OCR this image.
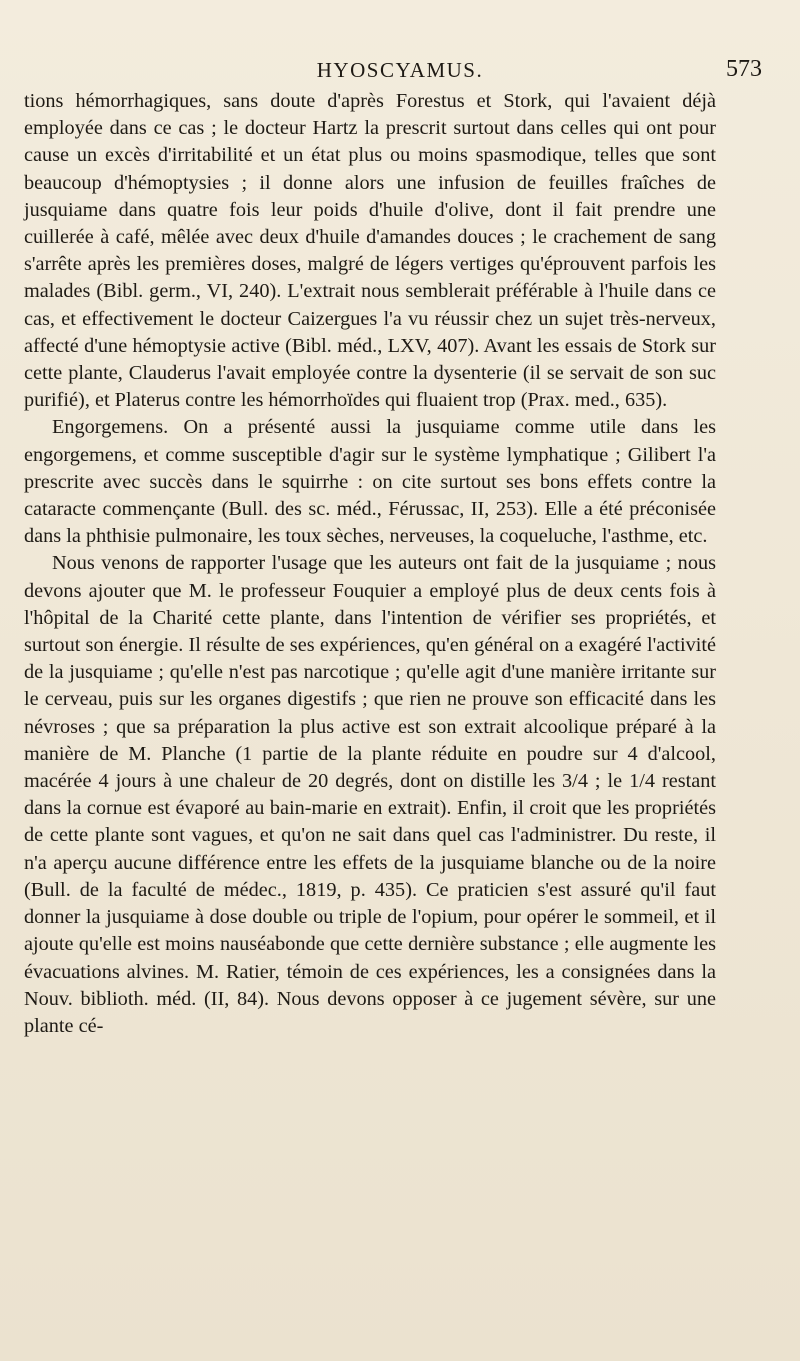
HYOSCYAMUS.	573

tions hémorrhagiques, sans doute d'après Forestus et Stork, qui l'avaient déjà employée dans ce cas ; le docteur Hartz la prescrit surtout dans celles qui ont pour cause un excès d'irritabilité et un état plus ou moins spasmodique, telles que sont beaucoup d'hémoptysies ; il donne alors une infusion de feuilles fraîches de jusquiame dans quatre fois leur poids d'huile d'olive, dont il fait prendre une cuillerée à café, mêlée avec deux d'huile d'amandes douces ; le crachement de sang s'arrête après les premières doses, malgré de légers vertiges qu'éprouvent parfois les malades (Bibl. germ., VI, 240). L'extrait nous semblerait préférable à l'huile dans ce cas, et effectivement le docteur Caizergues l'a vu réussir chez un sujet très-nerveux, affecté d'une hémoptysie active (Bibl. méd., LXV, 407). Avant les essais de Stork sur cette plante, Clauderus l'avait employée contre la dysenterie (il se servait de son suc purifié), et Platerus contre les hémorrhoïdes qui fluaient trop (Prax. med., 635).

Engorgemens. On a présenté aussi la jusquiame comme utile dans les engorgemens, et comme susceptible d'agir sur le système lymphatique ; Gilibert l'a prescrite avec succès dans le squirrhe : on cite surtout ses bons effets contre la cataracte commençante (Bull. des sc. méd., Férussac, II, 253). Elle a été préconisée dans la phthisie pulmonaire, les toux sèches, nerveuses, la coqueluche, l'asthme, etc.

Nous venons de rapporter l'usage que les auteurs ont fait de la jusquiame ; nous devons ajouter que M. le professeur Fouquier a employé plus de deux cents fois à l'hôpital de la Charité cette plante, dans l'intention de vérifier ses propriétés, et surtout son énergie. Il résulte de ses expériences, qu'en général on a exagéré l'activité de la jusquiame ; qu'elle n'est pas narcotique ; qu'elle agit d'une manière irritante sur le cerveau, puis sur les organes digestifs ; que rien ne prouve son efficacité dans les névroses ; que sa préparation la plus active est son extrait alcoolique préparé à la manière de M. Planche (1 partie de la plante réduite en poudre sur 4 d'alcool, macérée 4 jours à une chaleur de 20 degrés, dont on distille les 3/4 ; le 1/4 restant dans la cornue est évaporé au bain-marie en extrait). Enfin, il croit que les propriétés de cette plante sont vagues, et qu'on ne sait dans quel cas l'administrer. Du reste, il n'a aperçu aucune différence entre les effets de la jusquiame blanche ou de la noire (Bull. de la faculté de médec., 1819, p. 435). Ce praticien s'est assuré qu'il faut donner la jusquiame à dose double ou triple de l'opium, pour opérer le sommeil, et il ajoute qu'elle est moins nauséabonde que cette dernière substance ; elle augmente les évacuations alvines. M. Ratier, témoin de ces expériences, les a consignées dans la Nouv. biblioth. méd. (II, 84). Nous devons opposer à ce jugement sévère, sur une plante cé-
